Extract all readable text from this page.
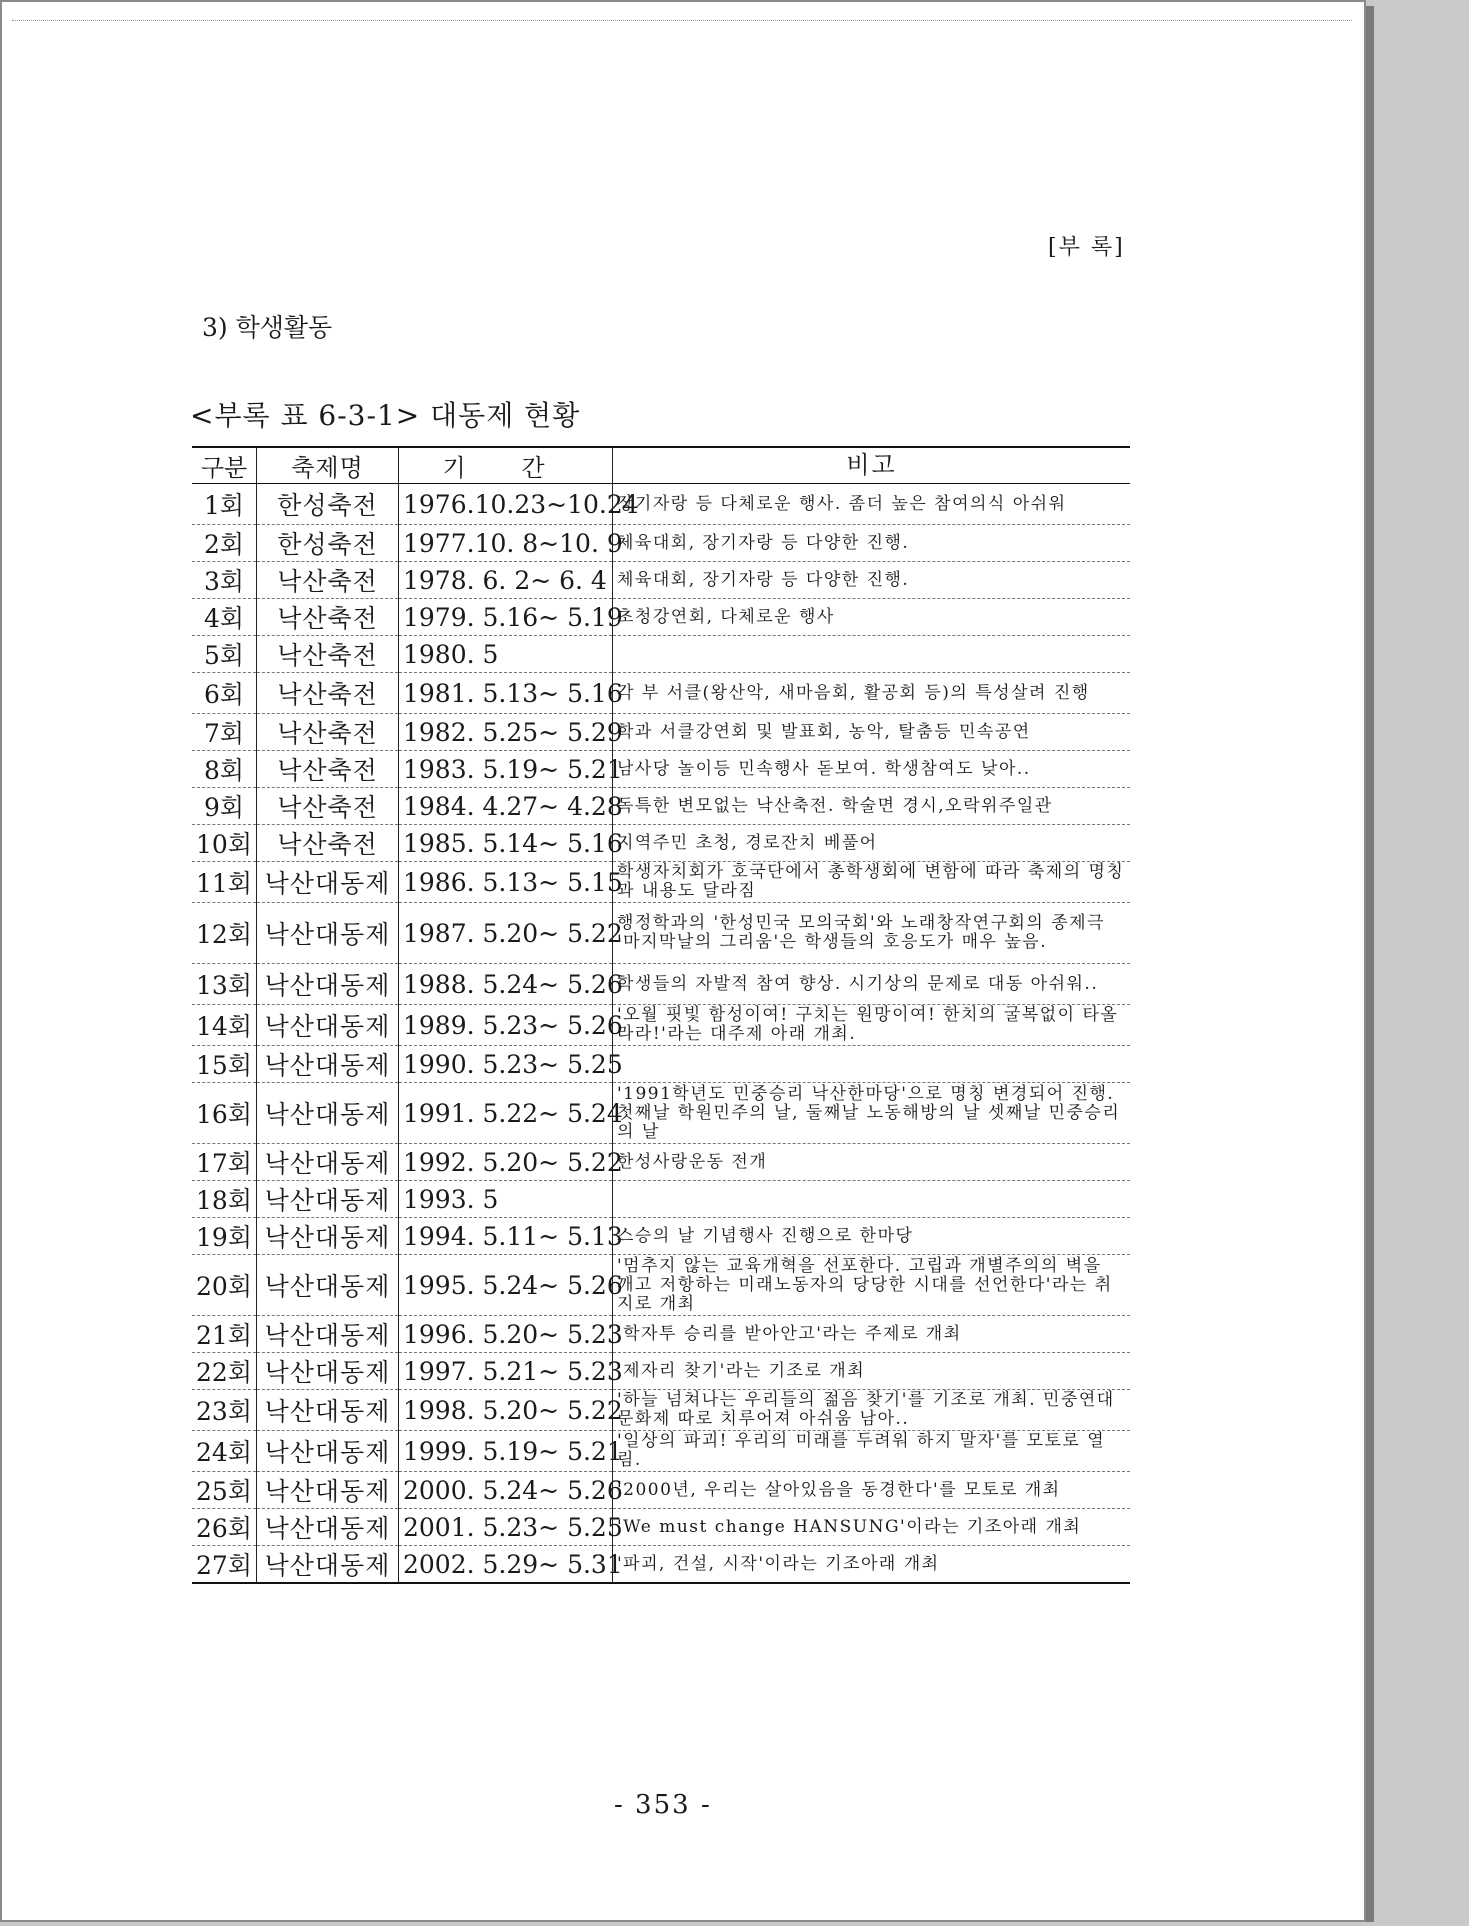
[부 록]
3) 학생활동
<부록 표 6-3-1> 대동제 현황
구분	축제명	기 간	비고
1회	한성축전	1976.10.23~10.24	장기자랑 등 다체로운 행사. 좀더 높은 참여의식 아쉬워
2회	한성축전	1977.10. 8~10. 9	체육대회, 장기자랑 등 다양한 진행.
3회	낙산축전	1978. 6. 2~ 6. 4	체육대회, 장기자랑 등 다양한 진행.
4회	낙산축전	1979. 5.16~ 5.19	초청강연회, 다체로운 행사
5회	낙산축전	1980. 5	
6회	낙산축전	1981. 5.13~ 5.16	각 부 서클(왕산악, 새마음회, 활공회 등)의 특성살려 진행
7회	낙산축전	1982. 5.25~ 5.29	학과 서클강연회 및 발표회, 농악, 탈춤등 민속공연
8회	낙산축전	1983. 5.19~ 5.21	남사당 놀이등 민속행사 돋보여. 학생참여도 낮아..
9회	낙산축전	1984. 4.27~ 4.28	독특한 변모없는 낙산축전. 학술면 경시,오락위주일관
10회	낙산축전	1985. 5.14~ 5.16	지역주민 초청, 경로잔치 베풀어
11회	낙산대동제	1986. 5.13~ 5.15	학생자치회가 호국단에서 총학생회에 변함에 따라 축제의 명칭과 내용도 달라짐
12회	낙산대동제	1987. 5.20~ 5.22	행정학과의 '한성민국 모의국회'와 노래창작연구회의 종제극 '마지막날의 그리움'은 학생들의 호응도가 매우 높음.
13회	낙산대동제	1988. 5.24~ 5.26	학생들의 자발적 참여 향상. 시기상의 문제로 대동 아쉬워..
14회	낙산대동제	1989. 5.23~ 5.26	'오월 핏빛 함성이여! 구치는 원망이여! 한치의 굴복없이 타올라라!'라는 대주제 아래 개최.
15회	낙산대동제	1990. 5.23~ 5.25	
16회	낙산대동제	1991. 5.22~ 5.24	'1991학년도 민중승리 낙산한마당'으로 명칭 변경되어 진행. 첫째날 학원민주의 날, 둘째날 노동해방의 날 셋째날 민중승리의 날
17회	낙산대동제	1992. 5.20~ 5.22	한성사랑운동 전개
18회	낙산대동제	1993. 5	
19회	낙산대동제	1994. 5.11~ 5.13	스승의 날 기념행사 진행으로 한마당
20회	낙산대동제	1995. 5.24~ 5.26	'멈추지 않는 교육개혁을 선포한다. 고립과 개별주의의 벽을 깨고 저항하는 미래노동자의 당당한 시대를 선언한다'라는 취지로 개최
21회	낙산대동제	1996. 5.20~ 5.23	'학자투 승리를 받아안고'라는 주제로 개최
22회	낙산대동제	1997. 5.21~ 5.23	'제자리 찾기'라는 기조로 개최
23회	낙산대동제	1998. 5.20~ 5.22	'하늘 넘쳐나는 우리들의 젊음 찾기'를 기조로 개최. 민중연대 문화제 따로 치루어져 아쉬움 남아..
24회	낙산대동제	1999. 5.19~ 5.21	'일상의 파괴! 우리의 미래를 두려워 하지 말자'를 모토로 열림.
25회	낙산대동제	2000. 5.24~ 5.26	'2000년, 우리는 살아있음을 동경한다'를 모토로 개최
26회	낙산대동제	2001. 5.23~ 5.25	'We must change HANSUNG'이라는 기조아래 개최
27회	낙산대동제	2002. 5.29~ 5.31	'파괴, 건설, 시작'이라는 기조아래 개최
- 353 -
